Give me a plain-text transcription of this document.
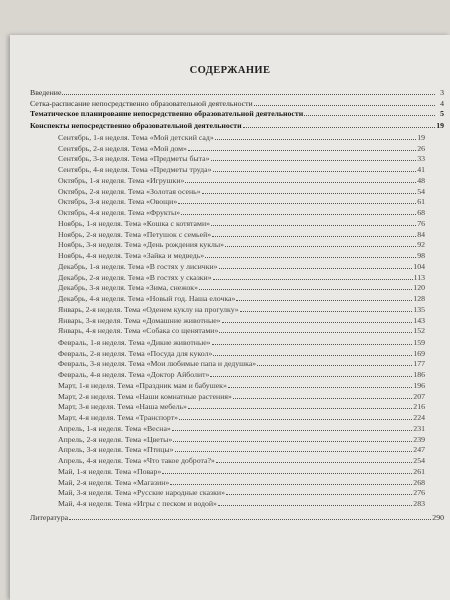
СОДЕРЖАНИЕ
Введение	3
Сетка-расписание непосредственно образовательной деятельности	4
Тематическое планирование непосредственно образовательной деятельности	5
Конспекты непосредственно образовательной деятельности	19
Сентябрь, 1-я неделя. Тема «Мой детский сад»	19
Сентябрь, 2-я неделя. Тема «Мой дом»	26
Сентябрь, 3-я неделя. Тема «Предметы быта»	33
Сентябрь, 4-я неделя. Тема «Предметы труда»	41
Октябрь, 1-я неделя. Тема «Игрушки»	48
Октябрь, 2-я неделя. Тема «Золотая осень»	54
Октябрь, 3-я неделя. Тема «Овощи»	61
Октябрь, 4-я неделя. Тема «Фрукты»	68
Ноябрь, 1-я неделя. Тема «Кошка с котятами»	76
Ноябрь, 2-я неделя. Тема «Петушок с семьей»	84
Ноябрь, 3-я неделя. Тема «День рождения куклы»	92
Ноябрь, 4-я неделя. Тема «Зайка и медведь»	98
Декабрь, 1-я неделя. Тема «В гостях у лисички»	104
Декабрь, 2-я неделя. Тема «В гостях у сказки»	113
Декабрь, 3-я неделя. Тема «Зима, снежок»	120
Декабрь, 4-я неделя. Тема «Новый год. Наша елочка»	128
Январь, 2-я неделя. Тема «Оденем куклу на прогулку»	135
Январь, 3-я неделя. Тема «Домашние животные»	143
Январь, 4-я неделя. Тема «Собака со щенятами»	152
Февраль, 1-я неделя. Тема «Дикие животные»	159
Февраль, 2-я неделя. Тема «Посуда для кукол»	169
Февраль, 3-я неделя. Тема «Мои любимые папа и дедушка»	177
Февраль, 4-я неделя. Тема «Доктор Айболит»	186
Март, 1-я неделя. Тема «Праздник мам и бабушек»	196
Март, 2-я неделя. Тема «Наши комнатные растения»	207
Март, 3-я неделя. Тема «Наша мебель»	216
Март, 4-я неделя. Тема «Транспорт»	224
Апрель, 1-я неделя. Тема «Весна»	231
Апрель, 2-я неделя. Тема «Цветы»	239
Апрель, 3-я неделя. Тема «Птицы»	247
Апрель, 4-я неделя. Тема «Что такое доброта?»	254
Май, 1-я неделя. Тема «Повар»	261
Май, 2-я неделя. Тема «Магазин»	268
Май, 3-я неделя. Тема «Русские народные сказки»	276
Май, 4-я неделя. Тема «Игры с песком и водой»	283
Литература	290
